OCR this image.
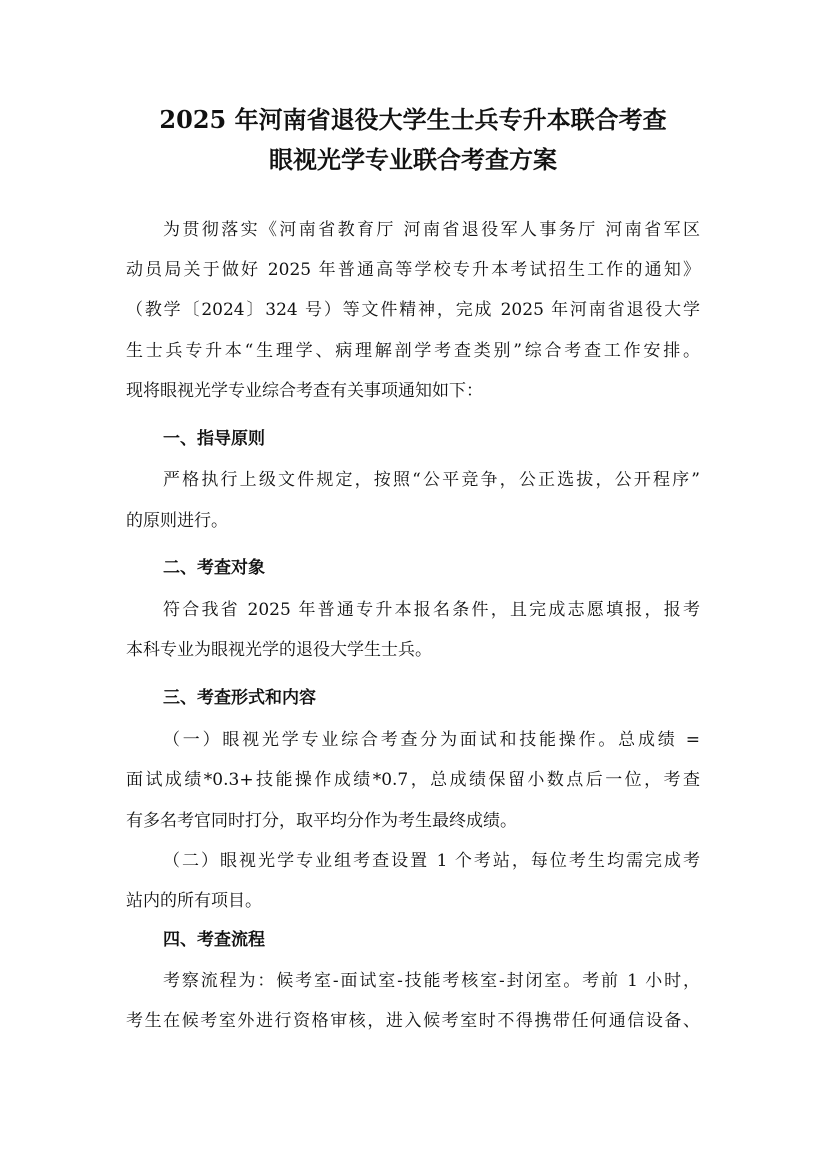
2025 年河南省退役大学生士兵专升本联合考查
眼视光学专业联合考查方案
为贯彻落实《河南省教育厅 河南省退役军人事务厅 河南省军区
动员局关于做好 2025 年普通高等学校专升本考试招生工作的通知》
（教学〔2024〕324 号）等文件精神，完成 2025 年河南省退役大学
生士兵专升本“生理学、病理解剖学考查类别”综合考查工作安排。
现将眼视光学专业综合考查有关事项通知如下：
一、指导原则
严格执行上级文件规定，按照“公平竞争，公正选拔，公开程序”
的原则进行。
二、考查对象
符合我省 2025 年普通专升本报名条件，且完成志愿填报，报考
本科专业为眼视光学的退役大学生士兵。
三、考查形式和内容
（一）眼视光学专业综合考查分为面试和技能操作。总成绩 =
面试成绩*0.3+技能操作成绩*0.7，总成绩保留小数点后一位，考查
有多名考官同时打分，取平均分作为考生最终成绩。
（二）眼视光学专业组考查设置 1 个考站，每位考生均需完成考
站内的所有项目。
四、考查流程
考察流程为：候考室-面试室-技能考核室-封闭室。考前 1 小时，
考生在候考室外进行资格审核，进入候考室时不得携带任何通信设备、
